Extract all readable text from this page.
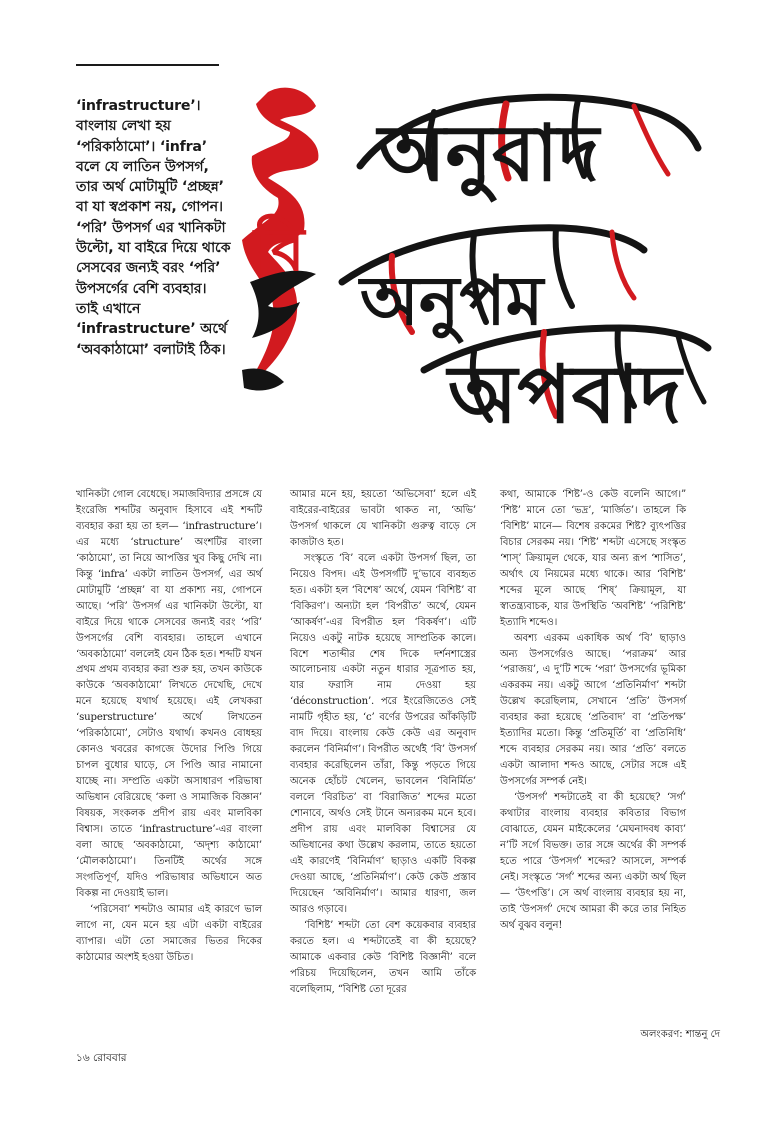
‘infrastructure’। বাংলায় লেখা হয় ‘পরিকাঠামো’। ‘infra’ বলে যে লাতিন উপসর্গ, তার অর্থ মোটামুটি ‘প্রচ্ছন্ন’ বা যা স্বপ্রকাশ নয়, গোপন। ‘পরি’ উপসর্গ এর খানিকটা উল্টো, যা বাইরে দিয়ে থাকে সেসবের জন্যই বরং ‘পরি’ উপসর্গের বেশি ব্যবহার। তাই এখানে ‘infrastructure’ অর্থে ‘অবকাঠামো’ বলাটাই ঠিক।
অনুবাদ
অনুপম
অপবাদ
বি

খানিকটা গোল বেধেছে। সমাজবিদ্যার প্রসঙ্গে যে ইংরেজি শব্দটির অনুবাদ হিসাবে এই শব্দটি ব্যবহার করা হয় তা হল— ‘infrastructure’। এর মধ্যে ‘structure’ অংশটির বাংলা ‘কাঠামো’, তা নিয়ে আপত্তির খুব কিছু দেখি না। কিন্তু ‘infra’ একটা লাতিন উপসর্গ, এর অর্থ মোটামুটি ‘প্রচ্ছন্ন’ বা যা প্রকাশ্য নয়, গোপনে আছে। ‘পরি’ উপসর্গ এর খানিকটা উল্টো, যা বাইরে দিয়ে থাকে সেসবের জন্যই বরং ‘পরি’ উপসর্গের বেশি ব্যবহার। তাহলে এখানে ‘অবকাঠামো’ বললেই যেন ঠিক হত। শব্দটি যখন প্রথম প্রথম ব্যবহার করা শুরু হয়, তখন কাউকে কাউকে ‘অবকাঠামো’ লিখতে দেখেছি, দেখে মনে হয়েছে যথার্থ হয়েছে। এই লেখকরা ‘superstructure’ অর্থে লিখতেন ‘পরিকাঠামো’, সেটাও যথার্থ। কখনও বোধহয় কোনও খবরের কাগজে উদোর পিণ্ডি গিয়ে চাপল বুধোর ঘাড়ে, সে পিণ্ডি আর নামানো যাচ্ছে না। সম্প্রতি একটা অসাধারণ পরিভাষা অভিধান বেরিয়েছে ‘কলা ও সামাজিক বিজ্ঞান’ বিষয়ক, সংকলক প্রদীপ রায় এবং মালবিকা বিশ্বাস। তাতে ‘infrastructure’-এর বাংলা বলা আছে ‘অবকাঠামো, ‘অদৃশ্য কাঠামো’ ‘মৌলকাঠামো’। তিনটিই অর্থের সঙ্গে সংগতিপূর্ণ, যদিও পরিভাষার অভিধানে অত বিকল্প না দেওয়াই ভাল।

‘পরিসেবা’ শব্দটাও আমার এই কারণে ভাল লাগে না, যেন মনে হয় এটা একটা বাইরের ব্যাপার। এটা তো সমাজের ভিতর দিকের কাঠামোর অংশই হওয়া উচিত।

আমার মনে হয়, হয়তো ‘অভিসেবা’ হলে এই বাইরের-বাইরের ভাবটা থাকত না, ‘অভি’ উপসর্গ থাকলে যে খানিকটা গুরুত্ব বাড়ে সে কাজটাও হত।

সংস্কৃতে ‘বি’ বলে একটা উপসর্গ ছিল, তা নিয়েও বিপদ। এই উপসর্গটি দু’ভাবে ব্যবহৃত হত। একটা হল ‘বিশেষ’ অর্থে, যেমন ‘বিশিষ্ট’ বা ‘বিকিরণ’। অন্যটা হল ‘বিপরীত’ অর্থে, যেমন ‘আকর্ষণ’-এর বিপরীত হল ‘বিকর্ষণ’। এটি নিয়েও একটু নাটক হয়েছে সাম্প্রতিক কালে। বিশে শতাব্দীর শেষ দিকে দর্শনশাস্ত্রের আলোচনায় একটা নতুন ধারার সূত্রপাত হয়, যার ফরাসি নাম দেওয়া হয় ‘déconstruction’. পরে ইংরেজিতেও সেই নামটি গৃহীত হয়, ‘c’ বর্ণের উপরের আঁকড়িটি বাদ দিয়ে। বাংলায় কেউ কেউ এর অনুবাদ করলেন ‘বিনির্মাণ’। বিপরীত অর্থেই ‘বি’ উপসর্গ ব্যবহার করেছিলেন তাঁরা, কিন্তু পড়তে গিয়ে অনেক হোঁচট খেলেন, ভাবলেন ‘বিনির্মিত’ বললে ‘বিরচিত’ বা ‘বিরাজিত’ শব্দের মতো শোনাবে, অর্থও সেই টানে অন্যরকম মনে হবে। প্রদীপ রায় এবং মালবিকা বিশ্বাসের যে অভিধানের কথা উল্লেখ করলাম, তাতে হয়তো এই কারণেই ‘বিনির্মাণ’ ছাড়াও একটি বিকল্প দেওয়া আছে, ‘প্রতিনির্মাণ’। কেউ কেউ প্রস্তাব দিয়েছেন ‘অবিনির্মাণ’। আমার ধারণা, জল আরও গড়াবে।

‘বিশিষ্ট’ শব্দটা তো বেশ কয়েকবার ব্যবহার করতে হল। এ শব্দটাতেই বা কী হয়েছে? আমাকে একবার কেউ ‘বিশিষ্ট বিজ্ঞানী’ বলে পরিচয় দিয়েছিলেন, তখন আমি তাঁকে বলেছিলাম, “বিশিষ্ট তো দূরের

কথা, আমাকে ‘শিষ্ট’-ও কেউ বলেনি আগে।” ‘শিষ্ট’ মানে তো ‘ভদ্র’, ‘মার্জিত’। তাহলে কি ‘বিশিষ্ট’ মানে— বিশেষ রকমের শিষ্ট? ব্যুৎপত্তির বিচার সেরকম নয়। ‘শিষ্ট’ শব্দটা এসেছে সংস্কৃত ‘শাস্’ ক্রিয়ামূল থেকে, যার অন্য রূপ ‘শাসিত’, অর্থাৎ যে নিয়মের মধ্যে থাকে। আর ‘বিশিষ্ট’ শব্দের মূলে আছে ‘শিষ্’ ক্রিয়ামূল, যা স্বাতন্ত্র্যবাচক, যার উপস্থিতি ‘অবশিষ্ট’ ‘পরিশিষ্ট’ ইত্যাদি শব্দেও।

অবশ্য এরকম একাধিক অর্থ ‘বি’ ছাড়াও অন্য উপসর্গেরও আছে। ‘পরাক্রম’ আর ‘পরাজয়’, এ দু’টি শব্দে ‘পরা’ উপসর্গের ভূমিকা একরকম নয়। একটু আগে ‘প্রতিনির্মাণ’ শব্দটা উল্লেখ করেছিলাম, সেখানে ‘প্রতি’ উপসর্গ ব্যবহার করা হয়েছে ‘প্রতিবাদ’ বা ‘প্রতিপক্ষ’ ইত্যাদির মতো। কিন্তু ‘প্রতিমূর্তি’ বা ‘প্রতিনিধি’ শব্দে ব্যবহার সেরকম নয়। আর ‘প্রতি’ বলতে একটা আলাদা শব্দও আছে, সেটার সঙ্গে এই উপসর্গের সম্পর্ক নেই।

‘উপসর্গ’ শব্দটাতেই বা কী হয়েছে? ‘সর্গ’ কথাটার বাংলায় ব্যবহার কবিতার বিভাগ বোঝাতে, যেমন মাইকেলের ‘মেঘনাদবধ কাব্য’ ন’টি সর্গে বিভক্ত। তার সঙ্গে অর্থের কী সম্পর্ক হতে পারে ‘উপসর্গ’ শব্দের? আসলে, সম্পর্ক নেই। সংস্কৃতে ‘সর্গ’ শব্দের অন্য একটা অর্থ ছিল— ‘উৎপত্তি’। সে অর্থ বাংলায় ব্যবহার হয় না, তাই ‘উপসর্গ’ দেখে আমরা কী করে তার নিহিত অর্থ বুঝব বলুন!

অলংকরণ: শান্তনু দে
১৬ রোববার
